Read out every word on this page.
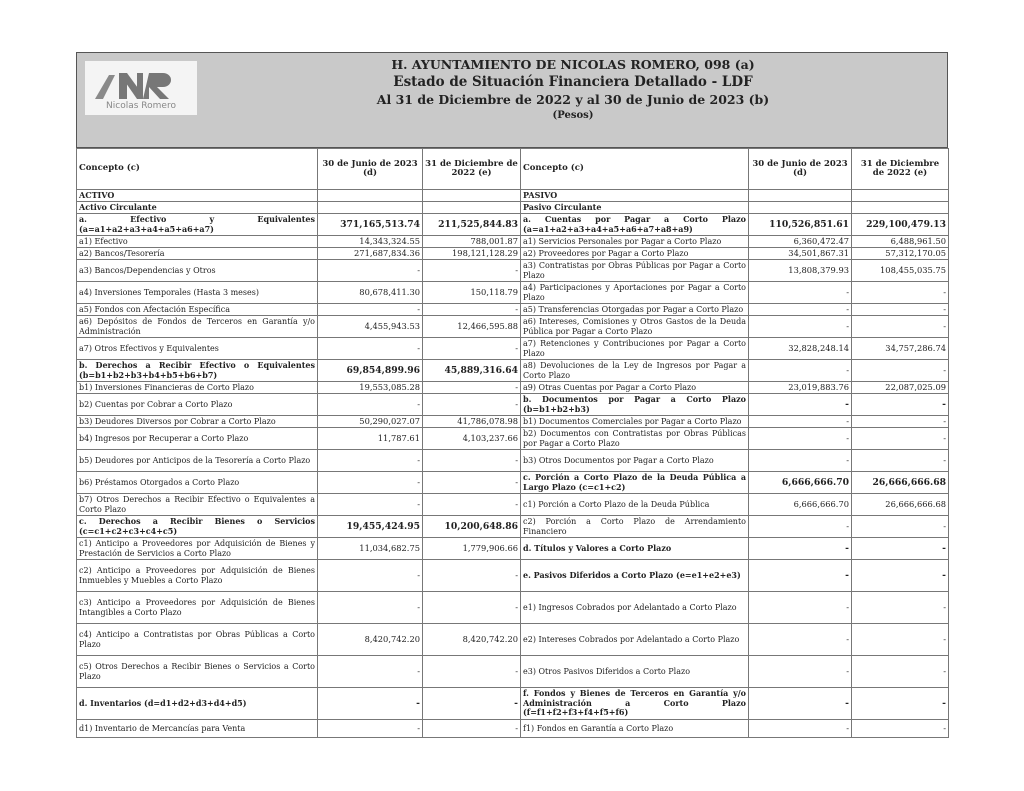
Nicolas Romero
H. AYUNTAMIENTO DE NICOLAS ROMERO, 098 (a)
Estado de Situación Financiera Detallado - LDF
Al 31 de Diciembre de 2022 y al 30 de Junio de 2023 (b)
(Pesos)
Concepto (c)	30 de Junio de 2023 (d)	31 de Diciembre de 2022 (e)	Concepto (c)	30 de Junio de 2023 (d)	31 de Diciembre de 2022 (e)
ACTIVO			PASIVO		
Activo Circulante			Pasivo Circulante		
a. Efectivo y Equivalentes (a=a1+a2+a3+a4+a5+a6+a7)	371,165,513.74	211,525,844.83	a. Cuentas por Pagar a Corto Plazo (a=a1+a2+a3+a4+a5+a6+a7+a8+a9)	110,526,851.61	229,100,479.13
a1) Efectivo	14,343,324.55	788,001.87	a1) Servicios Personales por Pagar a Corto Plazo	6,360,472.47	6,488,961.50
a2) Bancos/Tesorería	271,687,834.36	198,121,128.29	a2) Proveedores por Pagar a Corto Plazo	34,501,867.31	57,312,170.05
a3) Bancos/Dependencias y Otros	-	-	a3) Contratistas por Obras Públicas por Pagar a Corto Plazo	13,808,379.93	108,455,035.75
a4) Inversiones Temporales (Hasta 3 meses)	80,678,411.30	150,118.79	a4) Participaciones y Aportaciones por Pagar a Corto Plazo	-	-
a5) Fondos con Afectación Específica	-	-	a5) Transferencias Otorgadas por Pagar a Corto Plazo	-	-
a6) Depósitos de Fondos de Terceros en Garantía y/o Administración	4,455,943.53	12,466,595.88	a6) Intereses, Comisiones y Otros Gastos de la Deuda Pública por Pagar a Corto Plazo	-	-
a7) Otros Efectivos y Equivalentes	-	-	a7) Retenciones y Contribuciones por Pagar a Corto Plazo	32,828,248.14	34,757,286.74
b. Derechos a Recibir Efectivo o Equivalentes (b=b1+b2+b3+b4+b5+b6+b7)	69,854,899.96	45,889,316.64	a8) Devoluciones de la Ley de Ingresos por Pagar a Corto Plazo	-	-
b1) Inversiones Financieras de Corto Plazo	19,553,085.28	-	a9) Otras Cuentas por Pagar a Corto Plazo	23,019,883.76	22,087,025.09
b2) Cuentas por Cobrar a Corto Plazo	-	-	b. Documentos por Pagar a Corto Plazo (b=b1+b2+b3)	-	-
b3) Deudores Diversos por Cobrar a Corto Plazo	50,290,027.07	41,786,078.98	b1) Documentos Comerciales por Pagar a Corto Plazo	-	-
b4) Ingresos por Recuperar a Corto Plazo	11,787.61	4,103,237.66	b2) Documentos con Contratistas por Obras Públicas por Pagar a Corto Plazo	-	-
b5) Deudores por Anticipos de la Tesorería a Corto Plazo	-	-	b3) Otros Documentos por Pagar a Corto Plazo	-	-
b6) Préstamos Otorgados a Corto Plazo	-	-	c. Porción a Corto Plazo de la Deuda Pública a Largo Plazo (c=c1+c2)	6,666,666.70	26,666,666.68
b7) Otros Derechos a Recibir Efectivo o Equivalentes a Corto Plazo	-	-	c1) Porción a Corto Plazo de la Deuda Pública	6,666,666.70	26,666,666.68
c. Derechos a Recibir Bienes o Servicios (c=c1+c2+c3+c4+c5)	19,455,424.95	10,200,648.86	c2) Porción a Corto Plazo de Arrendamiento Financiero	-	-
c1) Anticipo a Proveedores por Adquisición de Bienes y Prestación de Servicios a Corto Plazo	11,034,682.75	1,779,906.66	d. Títulos y Valores a Corto Plazo	-	-
c2) Anticipo a Proveedores por Adquisición de Bienes Inmuebles y Muebles a Corto Plazo	-	-	e. Pasivos Diferidos a Corto Plazo (e=e1+e2+e3)	-	-
c3) Anticipo a Proveedores por Adquisición de Bienes Intangibles a Corto Plazo	-	-	e1) Ingresos Cobrados por Adelantado a Corto Plazo	-	-
c4) Anticipo a Contratistas por Obras Públicas a Corto Plazo	8,420,742.20	8,420,742.20	e2) Intereses Cobrados por Adelantado a Corto Plazo	-	-
c5) Otros Derechos a Recibir Bienes o Servicios a Corto Plazo	-	-	e3) Otros Pasivos Diferidos a Corto Plazo	-	-
d. Inventarios (d=d1+d2+d3+d4+d5)	-	-	f. Fondos y Bienes de Terceros en Garantía y/o Administración a Corto Plazo (f=f1+f2+f3+f4+f5+f6)	-	-
d1) Inventario de Mercancías para Venta	-	-	f1) Fondos en Garantía a Corto Plazo	-	-
